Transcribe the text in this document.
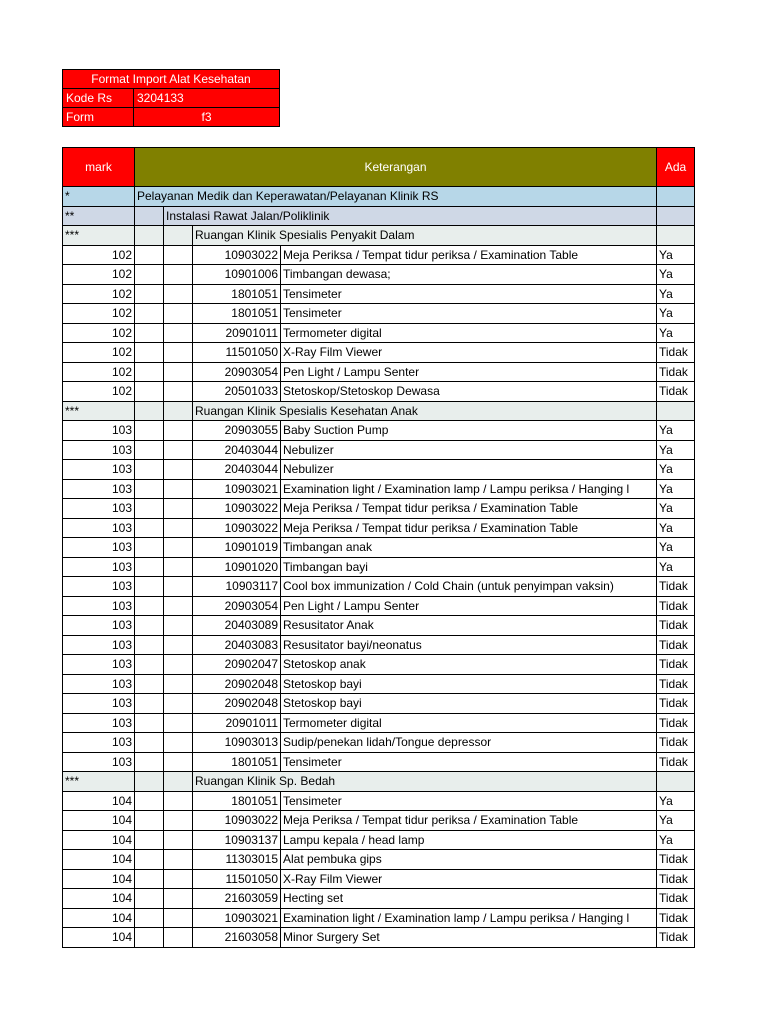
Format Import Alat Kesehatan	
Kode Rs	3204133
Form	f3
mark	Keterangan				Ada
*	Pelayanan Medik dan Keperawatan/Pelayanan Klinik RS				
**		Instalasi Rawat Jalan/Poliklinik			
***			Ruangan Klinik Spesialis Penyakit Dalam		
102			10903022	Meja Periksa / Tempat tidur periksa / Examination Table	Ya
102			10901006	Timbangan dewasa;	Ya
102			1801051	Tensimeter	Ya
102			1801051	Tensimeter	Ya
102			20901011	Termometer digital	Ya
102			11501050	X-Ray Film Viewer	Tidak
102			20903054	Pen Light / Lampu Senter	Tidak
102			20501033	Stetoskop/Stetoskop Dewasa	Tidak
***			Ruangan Klinik Spesialis Kesehatan Anak		
103			20903055	Baby Suction Pump	Ya
103			20403044	Nebulizer	Ya
103			20403044	Nebulizer	Ya
103			10903021	Examination light / Examination lamp / Lampu periksa / Hanging l	Ya
103			10903022	Meja Periksa / Tempat tidur periksa / Examination Table	Ya
103			10903022	Meja Periksa / Tempat tidur periksa / Examination Table	Ya
103			10901019	Timbangan anak	Ya
103			10901020	Timbangan bayi	Ya
103			10903117	Cool box immunization / Cold Chain (untuk penyimpan vaksin)	Tidak
103			20903054	Pen Light / Lampu Senter	Tidak
103			20403089	Resusitator Anak	Tidak
103			20403083	Resusitator bayi/neonatus	Tidak
103			20902047	Stetoskop anak	Tidak
103			20902048	Stetoskop bayi	Tidak
103			20902048	Stetoskop bayi	Tidak
103			20901011	Termometer digital	Tidak
103			10903013	Sudip/penekan lidah/Tongue depressor	Tidak
103			1801051	Tensimeter	Tidak
***			Ruangan Klinik Sp. Bedah		
104			1801051	Tensimeter	Ya
104			10903022	Meja Periksa / Tempat tidur periksa / Examination Table	Ya
104			10903137	Lampu kepala / head lamp	Ya
104			11303015	Alat pembuka gips	Tidak
104			11501050	X-Ray Film Viewer	Tidak
104			21603059	Hecting set	Tidak
104			10903021	Examination light / Examination lamp / Lampu periksa / Hanging l	Tidak
104			21603058	Minor Surgery Set	Tidak
